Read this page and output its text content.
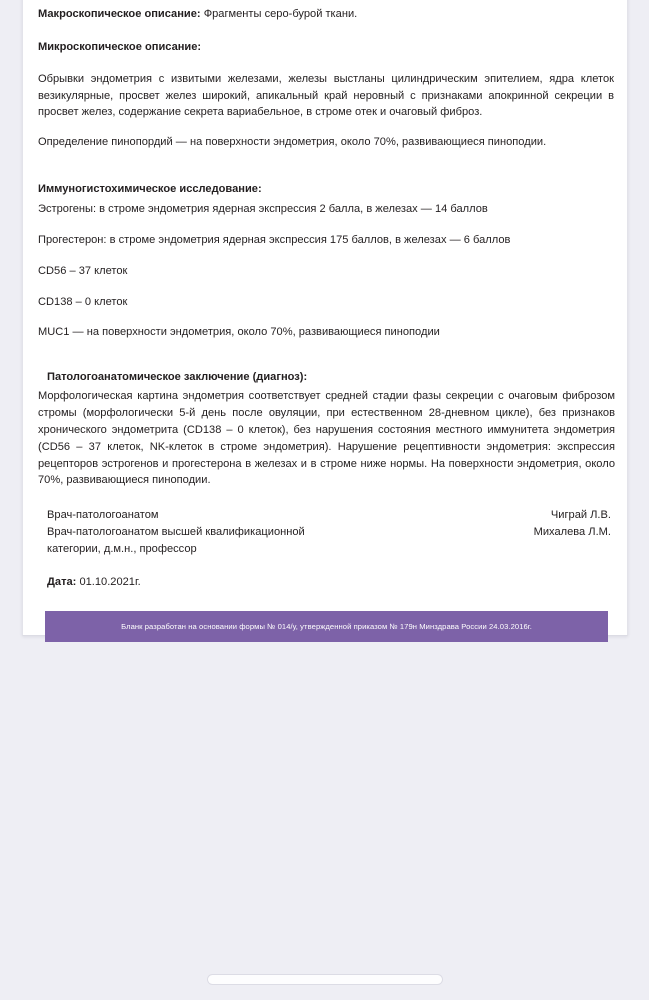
Макроскопическое описание: Фрагменты серо-бурой ткани.

Микроскопическое описание:

Обрывки эндометрия с извитыми железами, железы выстланы цилиндрическим эпителием, ядра клеток везикулярные, просвет желез широкий, апикальный край неровный с признаками апокринной секреции в просвет желез, содержание секрета вариабельное, в строме отек и очаговый фиброз.

Определение пинопордий — на поверхности эндометрия, около 70%, развивающиеся пиноподии.

Иммуногистохимическое исследование:

Эстрогены: в строме эндометрия ядерная экспрессия 2 балла, в железах — 14 баллов

Прогестерон: в строме эндометрия ядерная экспрессия 175 баллов, в железах — 6 баллов

CD56 – 37 клеток

CD138 – 0 клеток

MUC1 — на поверхности эндометрия, около 70%, развивающиеся пиноподии

Патологоанатомическое заключение (диагноз):

Морфологическая картина эндометрия соответствует средней стадии фазы секреции с очаговым фиброзом стромы (морфологически 5-й день после овуляции, при естественном 28-дневном цикле), без признаков хронического эндометрита (CD138 – 0 клеток), без нарушения состояния местного иммунитета эндометрия (CD56 – 37 клеток, NK-клеток в строме эндометрия). Нарушение рецептивности эндометрия: экспрессия рецепторов эстрогенов и прогестерона в железах и в строме ниже нормы. На поверхности эндометрия, около 70%, развивающиеся пиноподии.

Врач-патологоанатом	Чиграй Л.В.
Врач-патологоанатом высшей квалификационной	Михалева Л.М.
категории, д.м.н., профессор

Дата: 01.10.2021г.

Бланк разработан на основании формы № 014/у, утвержденной приказом № 179н Минздрава России 24.03.2016г.
